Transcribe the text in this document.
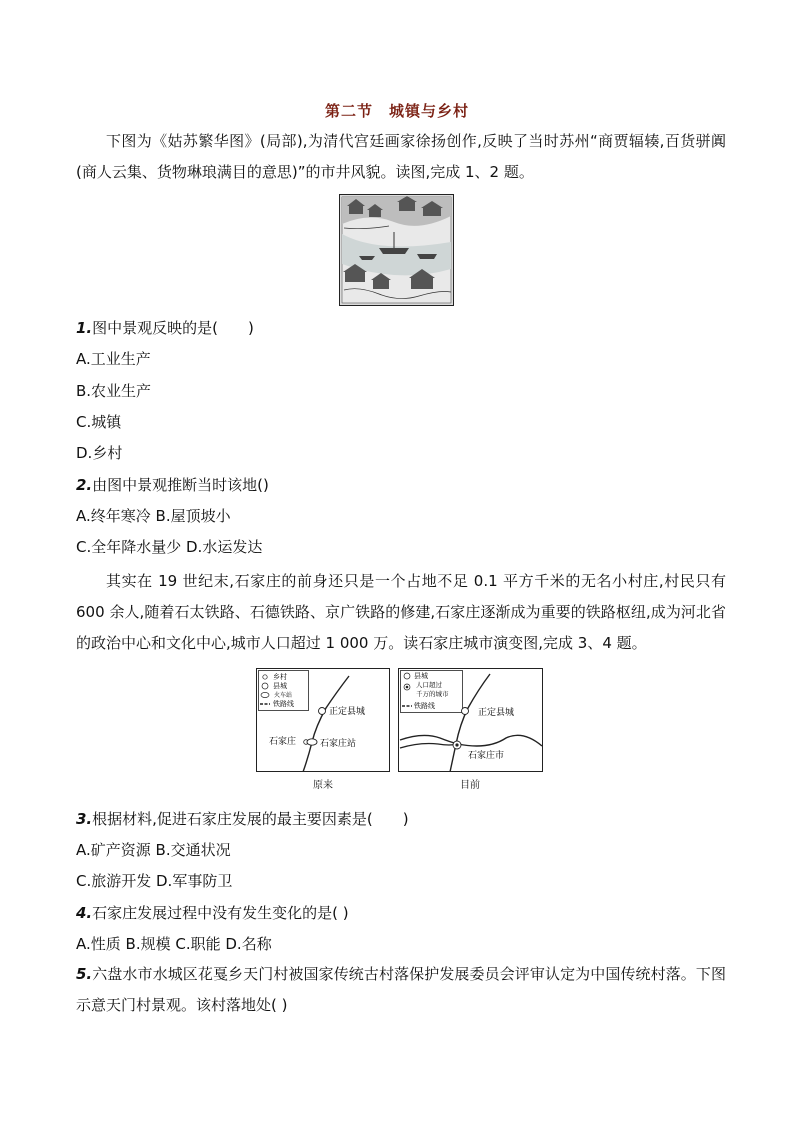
第二节　城镇与乡村
下图为《姑苏繁华图》(局部),为清代宫廷画家徐扬创作,反映了当时苏州“商贾辐辏,百货骈阗(商人云集、货物琳琅满目的意思)”的市井风貌。读图,完成 1、2 题。
1.图中景观反映的是(　　)
A.工业生产
B.农业生产
C.城镇
D.乡村
2.由图中景观推断当时该地()
A.终年寒冷 B.屋顶坡小
C.全年降水量少 D.水运发达
其实在 19 世纪末,石家庄的前身还只是一个占地不足 0.1 平方千米的无名小村庄,村民只有 600 余人,随着石太铁路、石德铁路、京广铁路的修建,石家庄逐渐成为重要的铁路枢纽,成为河北省的政治中心和文化中心,城市人口超过 1 000 万。读石家庄城市演变图,完成 3、4 题。
乡村
县城
火车站
铁路线
正定县城
石家庄	石家庄站
原来
县城
人口超过
千万的城市
铁路线
正定县城
石家庄市
目前
3.根据材料,促进石家庄发展的最主要因素是(　　)
A.矿产资源 B.交通状况
C.旅游开发 D.军事防卫
4.石家庄发展过程中没有发生变化的是( )
A.性质 B.规模 C.职能 D.名称
5.六盘水市水城区花戛乡天门村被国家传统古村落保护发展委员会评审认定为中国传统村落。下图示意天门村景观。该村落地处( )
